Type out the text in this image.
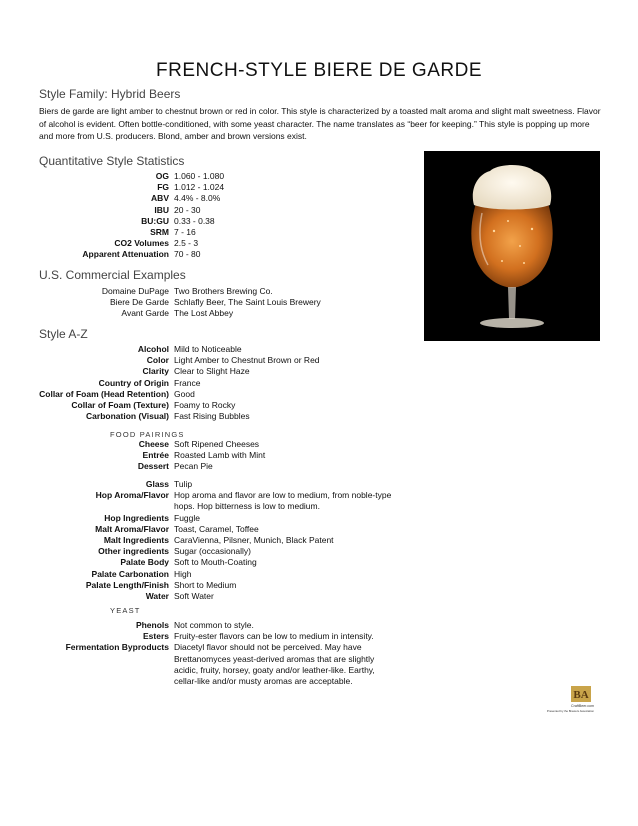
FRENCH-STYLE BIERE DE GARDE
Style Family: Hybrid Beers

Biers de garde are light amber to chestnut brown or red in color. This style is characterized by a toasted malt aroma and slight malt sweetness. Flavor of alcohol is evident. Often bottle-conditioned, with some yeast character. The name translates as “beer for keeping.” This style is popping up more and more from U.S. producers. Blond, amber and brown versions exist.

Quantitative Style Statistics
OG 1.060 - 1.080
FG 1.012 - 1.024
ABV 4.4% - 8.0%
IBU 20 - 30
BU:GU 0.33 - 0.38
SRM 7 - 16
CO2 Volumes 2.5 - 3
Apparent Attenuation 70 - 80
U.S. Commercial Examples
Domaine DuPage Two Brothers Brewing Co.
Biere De Garde Schlafly Beer, The Saint Louis Brewery
Avant Garde The Lost Abbey
Style A-Z
Alcohol Mild to Noticeable
Color Light Amber to Chestnut Brown or Red
Clarity Clear to Slight Haze
Country of Origin France
Collar of Foam (Head Retention) Good
Collar of Foam (Texture) Foamy to Rocky
Carbonation (Visual) Fast Rising Bubbles
FOOD PAIRINGS
Cheese Soft Ripened Cheeses
Entrée Roasted Lamb with Mint
Dessert Pecan Pie
Glass Tulip
Hop Aroma/Flavor Hop aroma and flavor are low to medium, from noble-type hops. Hop bitterness is low to medium.
Hop Ingredients Fuggle
Malt Aroma/Flavor Toast, Caramel, Toffee
Malt Ingredients CaraVienna, Pilsner, Munich, Black Patent
Other ingredients Sugar (occasionally)
Palate Body Soft to Mouth-Coating
Palate Carbonation High
Palate Length/Finish Short to Medium
Water Soft Water
YEAST
Phenols Not common to style.
Esters Fruity-ester flavors can be low to medium in intensity.
Fermentation Byproducts Diacetyl flavor should not be perceived. May have Brettanomyces yeast-derived aromas that are slightly acidic, fruity, horsey, goaty and/or leather-like. Earthy, cellar-like and/or musty aromas are acceptable.
BA
CraftBeer.com
Presented by the Brewers Association
